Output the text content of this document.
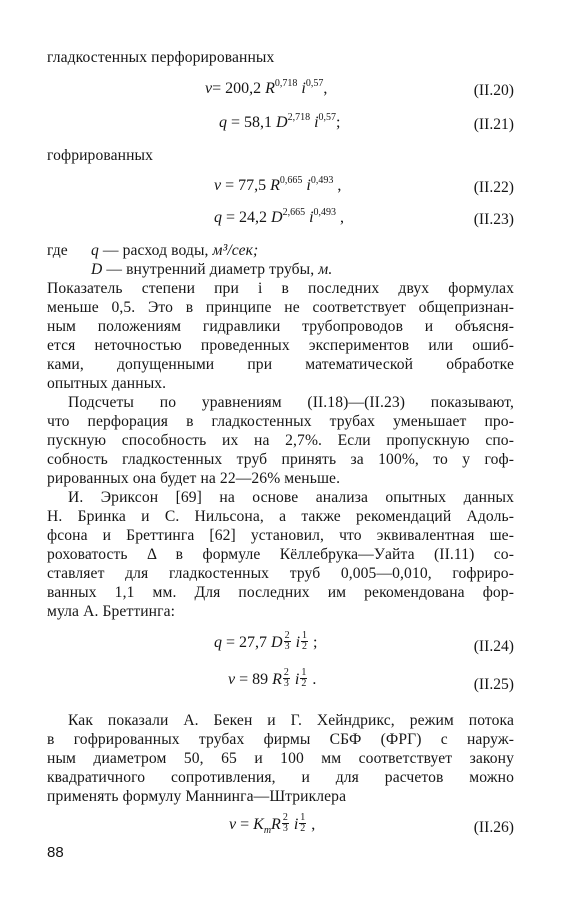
гладкостенных перфорированных
v= 200,2 R$^{0,718}$ $i^{0,57}$,	(II.20)
q = 58,1 D$^{2,718}$ $i^{0,57}$;	(II.21)
гофрированных
v = 77,5 R$^{0,665}$ $i^{0,493}$ ,	(II.22)
q = 24,2 D$^{2,665}$ $i^{0,493}$ ,	(II.23)
где q — расход воды, м³/сек;
D — внутренний диаметр трубы, м.
Показатель степени при i в последних двух формулах
меньше 0,5. Это в принципе не соответствует общепризнан-
ным положениям гидравлики трубопроводов и объясня-
ется неточностью проведенных экспериментов или ошиб-
ками, допущенными при математической обработке
опытных данных.
Подсчеты по уравнениям (II.18)—(II.23) показывают,
что перфорация в гладкостенных трубах уменьшает про-
пускную способность их на 2,7%. Если пропускную спо-
собность гладкостенных труб принять за 100%, то у гоф-
рированных она будет на 22—26% меньше.
И. Эриксон [69] на основе анализа опытных данных
Н. Бринка и С. Нильсона, а также рекомендаций Адоль-
фсона и Бреттинга [62] установил, что эквивалентная ше-
роховатость Δ в формуле Кёллебрука—Уайта (II.11) со-
ставляет для гладкостенных труб 0,005—0,010, гофриро-
ванных 1,1 мм. Для последних им рекомендована фор-
мула А. Бреттинга:
q = 27,7 D $\frac{2}{3}$ i $\frac{1}{2}$ ;	(II.24)
v = 89 R $\frac{2}{3}$ i $\frac{1}{2}$ .	(II.25)
Как показали А. Бекен и Г. Хейндрикс, режим потока
в гофрированных трубах фирмы СБФ (ФРГ) с наруж-
ным диаметром 50, 65 и 100 мм соответствует закону
квадратичного сопротивления, и для расчетов можно
применять формулу Маннинга—Штриклера
$v = K_mR \frac{2}{3}$ i $\frac{1}{2}$ ,	(II.26)
88
